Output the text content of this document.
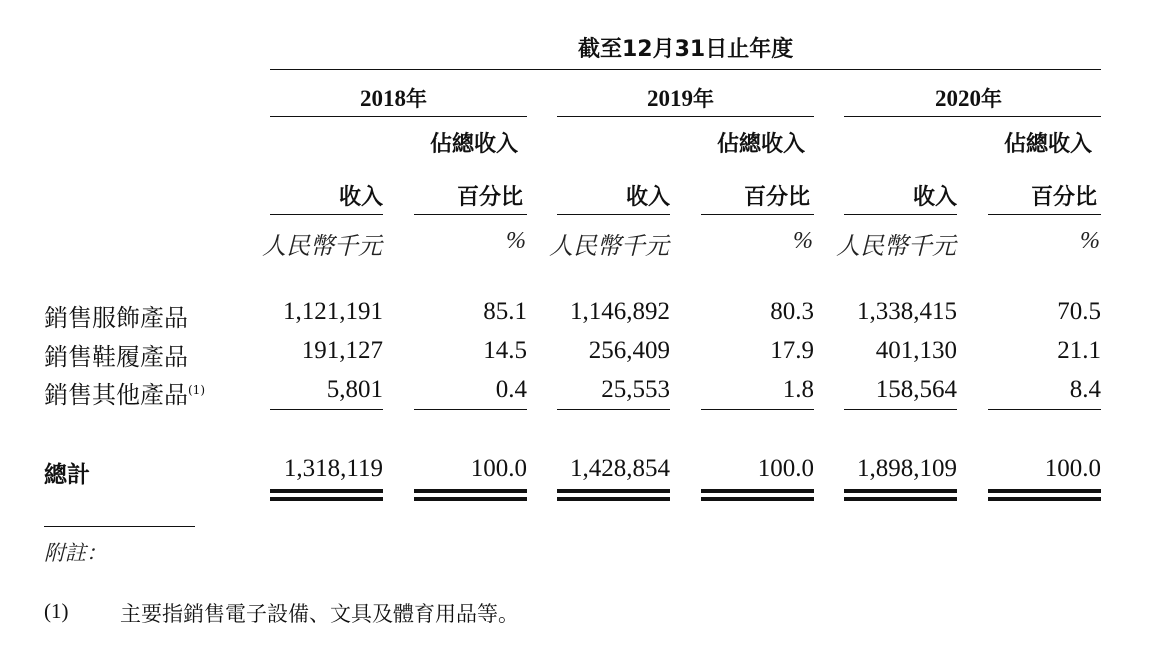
截至12月31日止年度
2018年	2019年	2020年
佔總收入	佔總收入	佔總收入
收入	百分比	收入	百分比	收入	百分比
人民幣千元	% 人民幣千元	% 人民幣千元	%
銷售服飾產品	1,121,191	85.1 1,146,892	80.3 1,338,415	70.5
銷售鞋履產品	191,127	14.5 256,409	17.9 401,130	21.1
銷售其他產品$^{(1)}$	5,801	0.4	25,553	1.8 158,564	8.4
總計	1,318,119	100.0 1,428,854	100.0 1,898,109	100.0
附註：
(1) 主要指銷售電子設備、文具及體育用品等。
